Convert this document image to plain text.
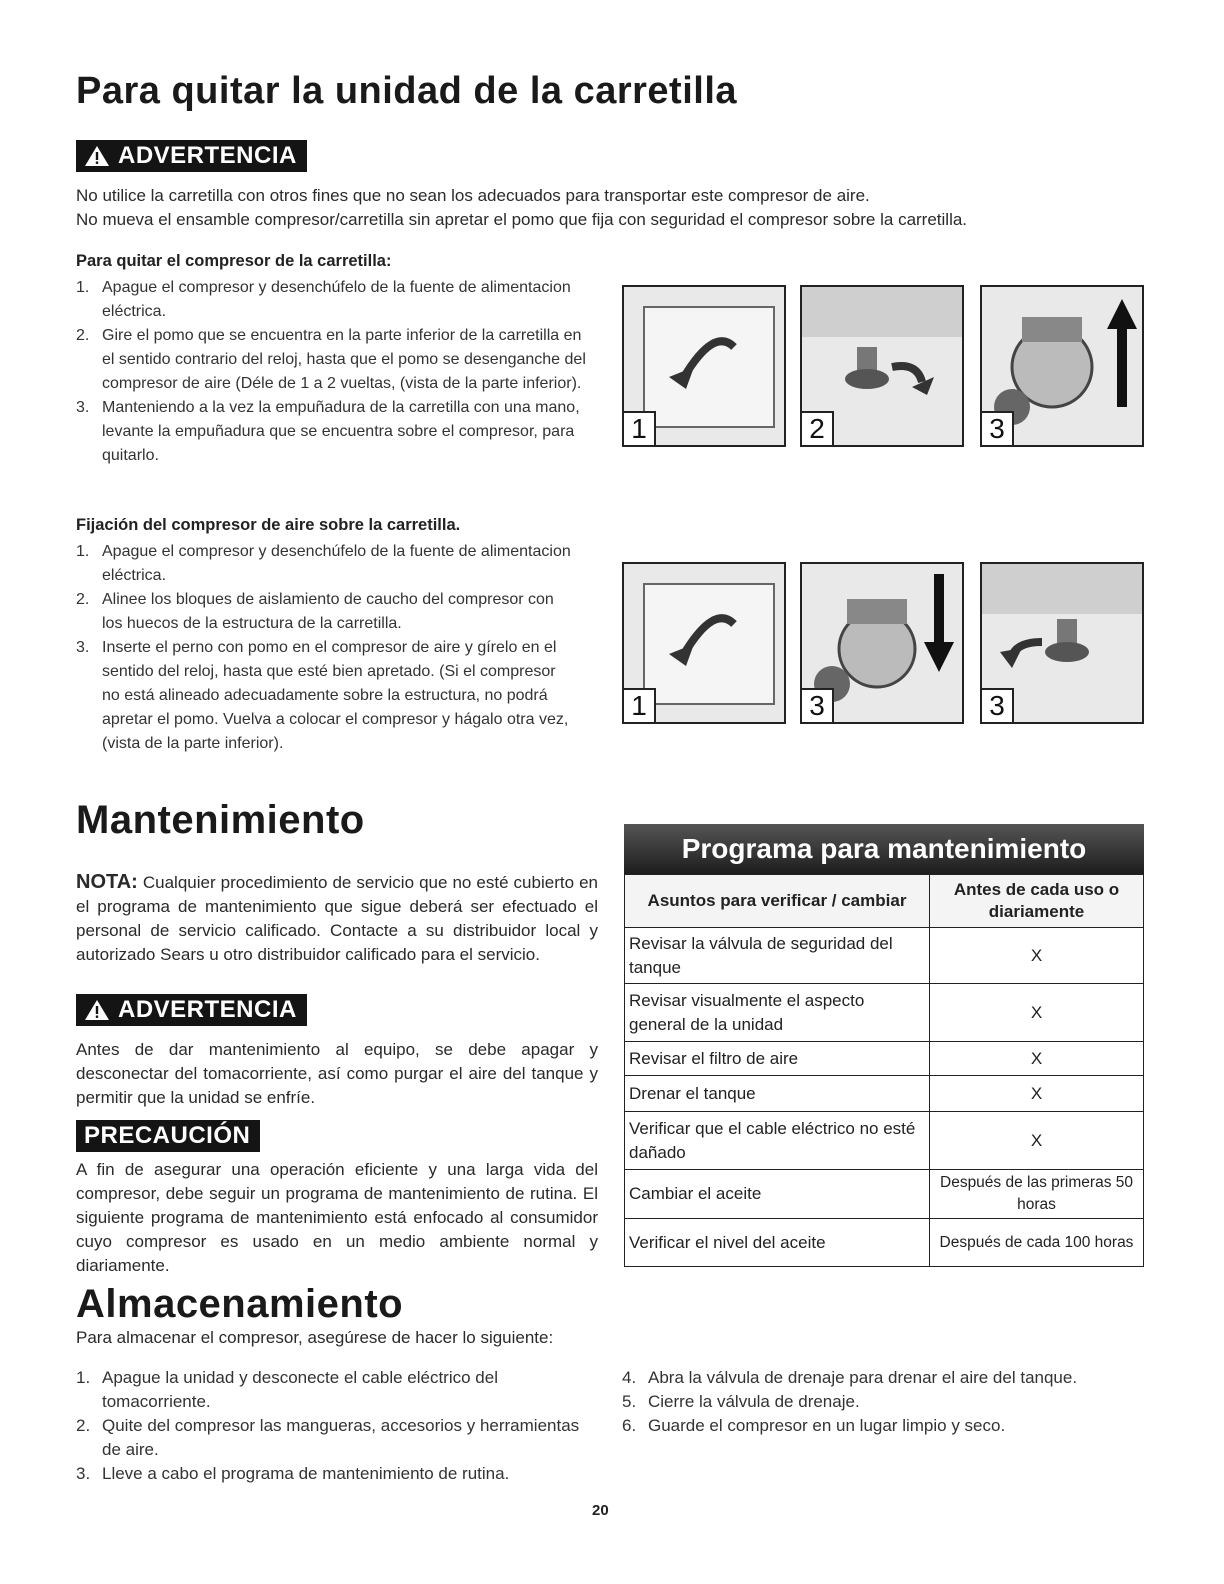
Para quitar la unidad de la carretilla
ADVERTENCIA
No utilice la carretilla con otros fines que no sean los adecuados para transportar este compresor de aire.
No mueva el ensamble compresor/carretilla sin apretar el pomo que fija con seguridad el compresor sobre la carretilla.
Para quitar el compresor de la carretilla:
1. Apague el compresor y desenchúfelo de la fuente de alimentacion eléctrica.
2. Gire el pomo que se encuentra en la parte inferior de la carretilla en el sentido contrario del reloj, hasta que el pomo se desenganche del compresor de aire (Déle de 1 a 2 vueltas, (vista de la parte inferior).
3. Manteniendo a la vez la empuñadura de la carretilla con una mano, levante la empuñadura que se encuentra sobre el compresor, para quitarlo.
Fijación del compresor de aire sobre la carretilla.
1. Apague el compresor y desenchúfelo de la fuente de alimentacion eléctrica.
2. Alinee los bloques de aislamiento de caucho del compresor con los huecos de la estructura de la carretilla.
3. Inserte el perno con pomo en el compresor de aire y gírelo en el sentido del reloj, hasta que esté bien apretado. (Si el compresor no está alineado adecuadamente sobre la estructura, no podrá apretar el pomo. Vuelva a colocar el compresor y hágalo otra vez, (vista de la parte inferior).
1	2	3
1	3	3
Mantenimiento
NOTA: Cualquier procedimiento de servicio que no esté cubierto en el programa de mantenimiento que sigue deberá ser efectuado el personal de servicio calificado. Contacte a su distribuidor local y autorizado Sears u otro distribuidor calificado para el servicio.
ADVERTENCIA
Antes de dar mantenimiento al equipo, se debe apagar y desconectar del tomacorriente, así como purgar el aire del tanque y permitir que la unidad se enfríe.
PRECAUCIÓN
A fin de asegurar una operación eficiente y una larga vida del compresor, debe seguir un programa de mantenimiento de rutina. El siguiente programa de mantenimiento está enfocado al consumidor cuyo compresor es usado en un medio ambiente normal y diariamente.
Programa para mantenimiento
Asuntos para verificar / cambiar	Antes de cada uso o diariamente
Revisar la válvula de seguridad del tanque	X
Revisar visualmente el aspecto general de la unidad	X
Revisar el filtro de aire	X
Drenar el tanque	X
Verificar que el cable eléctrico no esté dañado	X
Cambiar el aceite	Después de las primeras 50 horas
Verificar el nivel del aceite	Después de cada 100 horas
Almacenamiento
Para almacenar el compresor, asegúrese de hacer lo siguiente:
1. Apague la unidad y desconecte el cable eléctrico del tomacorriente.
2. Quite del compresor las mangueras, accesorios y herramientas de aire.
3. Lleve a cabo el programa de mantenimiento de rutina.
4. Abra la válvula de drenaje para drenar el aire del tanque.
5. Cierre la válvula de drenaje.
6. Guarde el compresor en un lugar limpio y seco.
20
